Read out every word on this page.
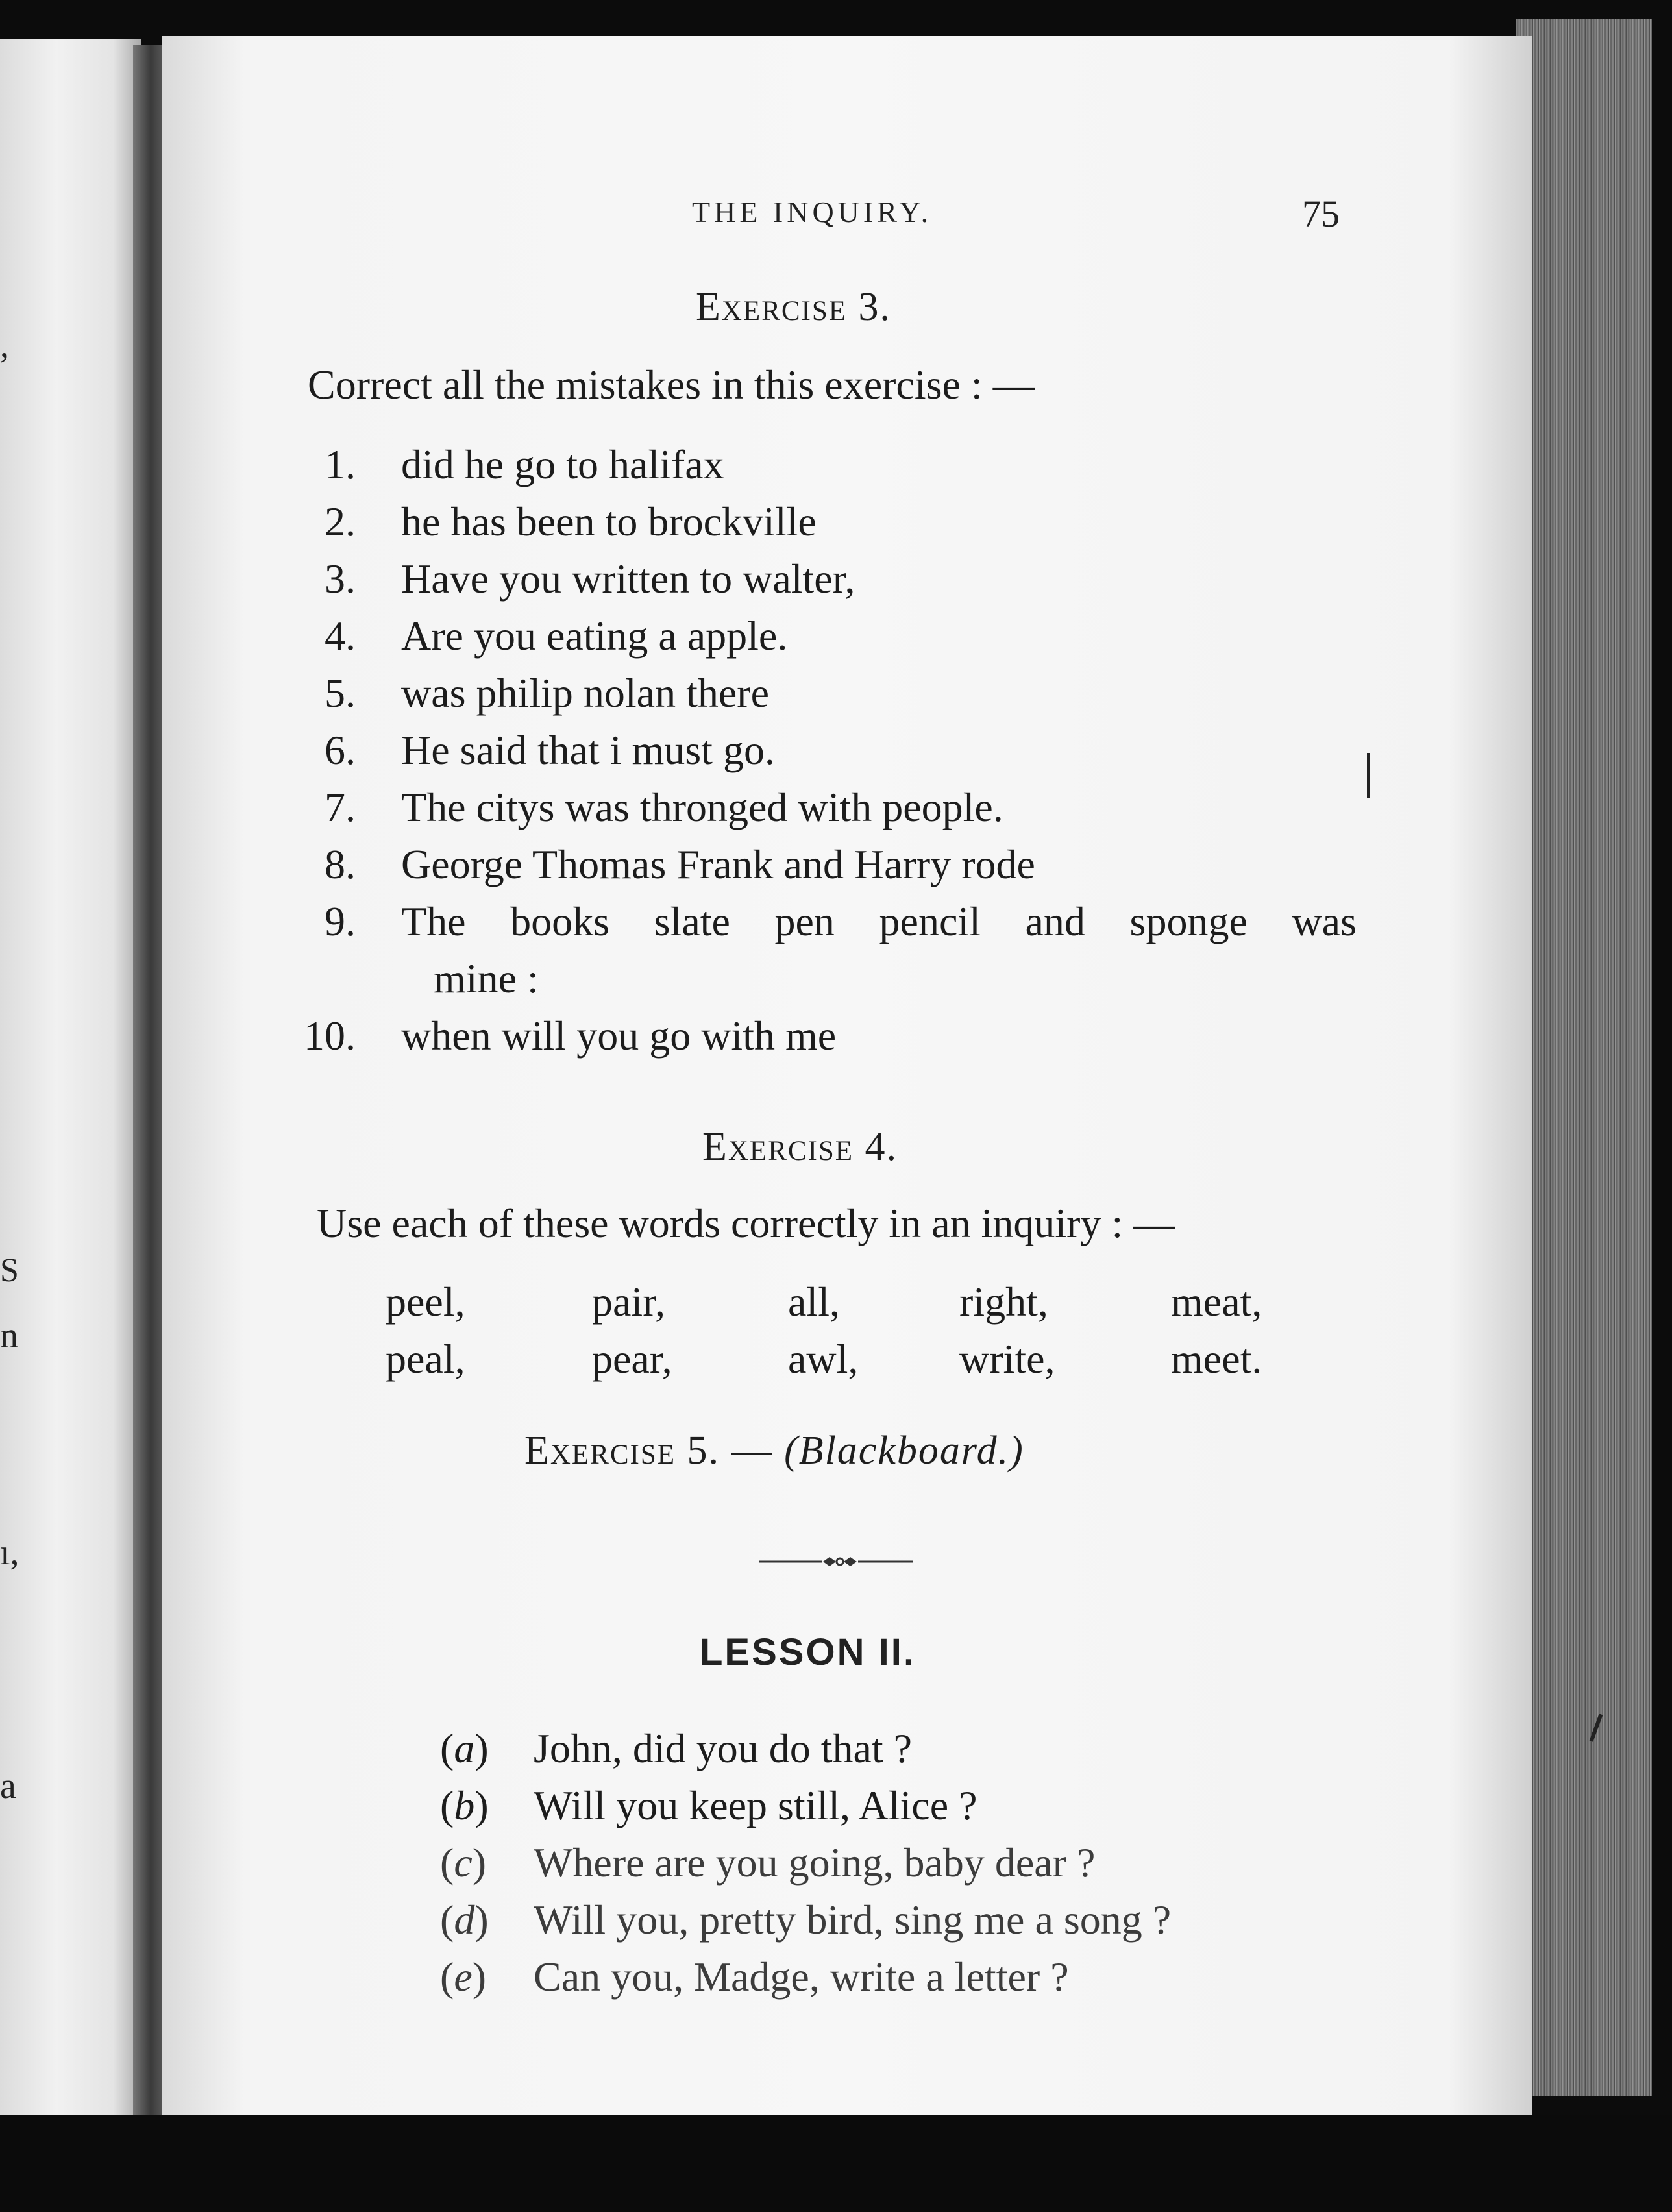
,
S
n
ı,
a
THE INQUIRY.	75
Exercise 3.
Correct all the mistakes in this exercise : —
1. did he go to halifax
2. he has been to brockville
3. Have you written to walter,
4. Are you eating a apple.
5. was philip nolan there
6. He said that i must go.
7. The citys was thronged with people.
8. George Thomas Frank and Harry rode
9. The books slate pen pencil and sponge was
mine :
10. when will you go with me
Exercise 4.
Use each of these words correctly in an inquiry : —
peel,	pair,	all,	right,	meat,
peal,	pear,	awl, write,	meet.
Exercise 5. — (Blackboard.)
LESSON II.
(a) John, did you do that ?
(b) Will you keep still, Alice ?
(c) Where are you going, baby dear ?
(d) Will you, pretty bird, sing me a song ?
(e) Can you, Madge, write a letter ?
